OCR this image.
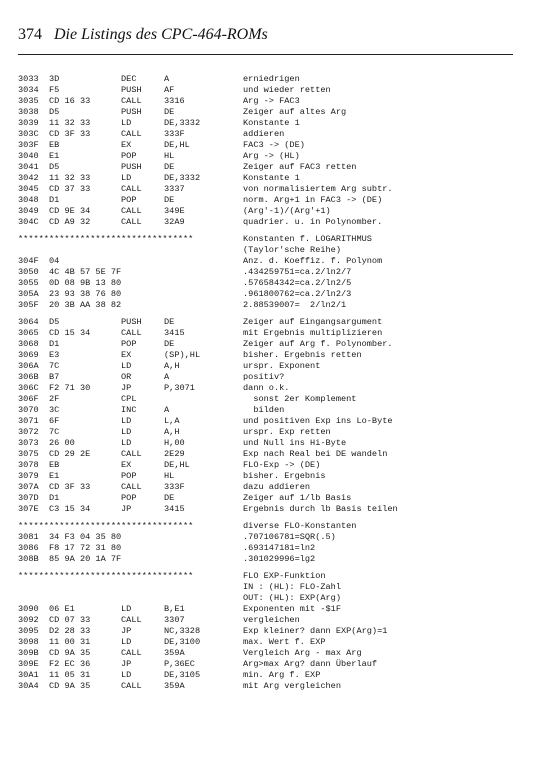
374 Die Listings des CPC-464-ROMs
3033 3D	DEC	A	erniedrigen
3034 F5	PUSH	AF	und wieder retten
3035 CD 16 33	CALL	3316	Arg -> FAC3
3038 D5	PUSH	DE	Zeiger auf altes Arg
3039 11 32 33	LD	DE,3332	Konstante 1
303C CD 3F 33	CALL	333F	addieren
303F EB	EX	DE,HL	FAC3 -> (DE)
3040 E1	POP	HL	Arg -> (HL)
3041 D5	PUSH	DE	Zeiger auf FAC3 retten
3042 11 32 33	LD	DE,3332	Konstante 1
3045 CD 37 33	CALL	3337	von normalisiertem Arg subtr.
3048 D1	POP	DE	norm. Arg+1 in FAC3 -> (DE)
3049 CD 9E 34	CALL	349E	(Arg'-1)/(Arg'+1)
304C CD A9 32	CALL	32A9	quadrier. u. in Polynomber.
**********************************	Konstanten f. LOGARITHMUS
(Taylor'sche Reihe)
304F 04	Anz. d. Koeffiz. f. Polynom
3050 4C 4B 57 5E 7F	.434259751=ca.2/ln2/7
3055 0D 08 9B 13 80	.576584342=ca.2/ln2/5
305A 23 93 38 76 80	.961800762=ca.2/ln2/3
305F 20 3B AA 38 82	2.88539007=  2/ln2/1
3064 D5	PUSH	DE	Zeiger auf Eingangsargument
3065 CD 15 34	CALL	3415	mit Ergebnis multiplizieren
3068 D1	POP	DE	Zeiger auf Arg f. Polynomber.
3069 E3	EX	(SP),HL	bisher. Ergebnis retten
306A 7C	LD	A,H	urspr. Exponent
306B B7	OR	A	positiv?
306C F2 71 30	JP	P,3071	dann o.k.
306F 2F	CPL	sonst 2er Komplement
3070 3C	INC	A	bilden
3071 6F	LD	L,A	und positiven Exp ins Lo-Byte
3072 7C	LD	A,H	urspr. Exp retten
3073 26 00	LD	H,00	und Null ins Hi-Byte
3075 CD 29 2E	CALL	2E29	Exp nach Real bei DE wandeln
3078 EB	EX	DE,HL	FLO-Exp -> (DE)
3079 E1	POP	HL	bisher. Ergebnis
307A CD 3F 33	CALL	333F	dazu addieren
307D D1	POP	DE	Zeiger auf 1/lb Basis
307E C3 15 34	JP	3415	Ergebnis durch lb Basis teilen
**********************************	diverse FLO-Konstanten
3081 34 F3 04 35 80	.707106781=SQR(.5)
3086 F8 17 72 31 80	.693147181=ln2
308B 85 9A 20 1A 7F	.301029996=lg2
**********************************	FLO EXP-Funktion
IN : (HL): FLO-Zahl
OUT: (HL): EXP(Arg)
3090 06 E1	LD	B,E1	Exponenten mit -$1F
3092 CD 07 33	CALL	3307	vergleichen
3095 D2 28 33	JP	NC,3328	Exp kleiner? dann EXP(Arg)=1
3098 11 00 31	LD	DE,3100	max. Wert f. EXP
309B CD 9A 35	CALL	359A	Vergleich Arg - max Arg
309E F2 EC 36	JP	P,36EC	Arg>max Arg? dann Überlauf
30A1 11 05 31	LD	DE,3105	min. Arg f. EXP
30A4 CD 9A 35	CALL	359A	mit Arg vergleichen
